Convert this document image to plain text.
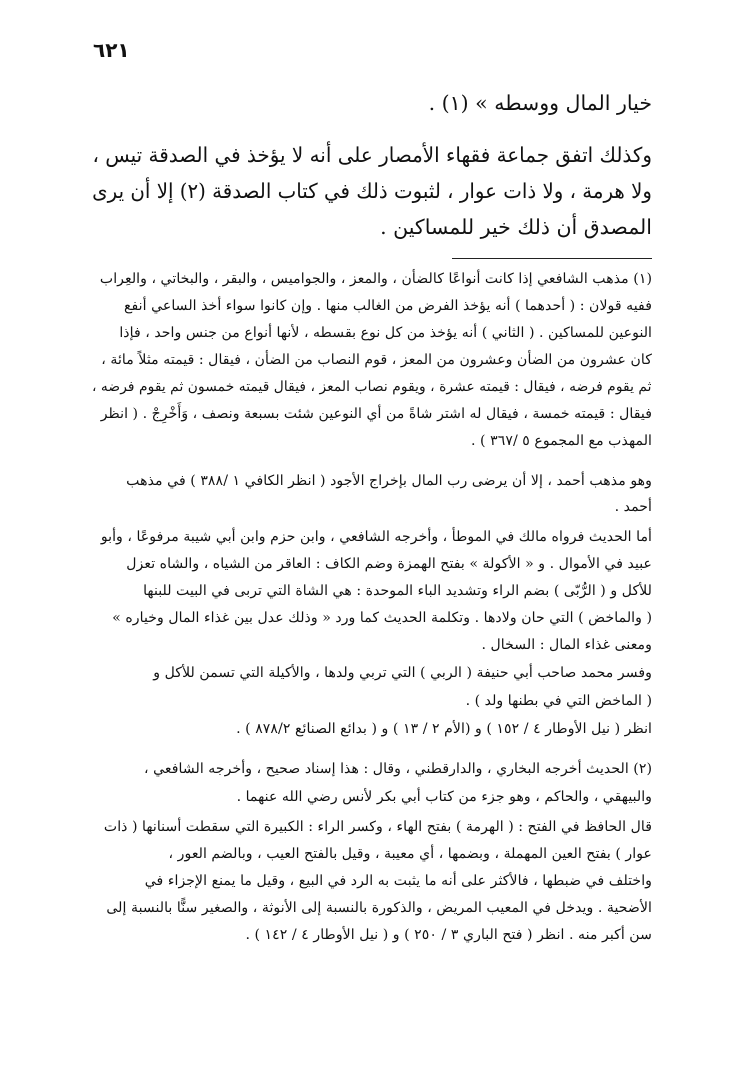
٦٢١
خيار المال ووسطه » (١) .
وكذلك اتفق جماعة فقهاء الأمصار على أنه لا يؤخذ في الصدقة تيس ،
ولا هرمة ، ولا ذات عوار ، لثبوت ذلك في كتاب الصدقة (٢) إلا أن يرى
المصدق أن ذلك خير للمساكين .
(١) مذهب الشافعي إذا كانت أنواعًا كالضأن ، والمعز ، والجواميس ، والبقر ، والبخاتي ، والعِراب
ففيه قولان : ( أحدهما ) أنه يؤخذ الفرض من الغالب منها . وإن كانوا سواء أخذ الساعي أنفع
النوعين للمساكين . ( الثاني ) أنه يؤخذ من كل نوع بقسطه ، لأنها أنواع من جنس واحد ، فإذا
كان عشرون من الضأن وعشرون من المعز ، قوم النصاب من الضأن ، فيقال : قيمته مثلاً مائة ،
ثم يقوم فرضه ، فيقال : قيمته عشرة ، ويقوم نصاب المعز ، فيقال قيمته خمسون ثم يقوم فرضه ،
فيقال : قيمته خمسة ، فيقال له اشتر شاةً من أي النوعين شئت بسبعة ونصف ، وَأَخْرِجْ . ( انظر
المهذب مع المجموع ٥ /٣٦٧ ) .
وهو مذهب أحمد ، إلا أن يرضى رب المال بإخراج الأجود ( انظر الكافي ١ /٣٨٨ ) في مذهب
أحمد .
أما الحديث فرواه مالك في الموطأ ، وأخرجه الشافعي ، وابن حزم وابن أبي شيبة مرفوعًا ، وأبو
عبيد في الأموال . و « الأكولة » بفتح الهمزة وضم الكاف : العاقر من الشياه ، والشاه تعزل
للأكل و ( الرُّبّى ) بضم الراء وتشديد الباء الموحدة : هي الشاة التي تربى في البيت للبنها
( والماخض ) التي حان ولادها . وتكلمة الحديث كما ورد « وذلك عدل بين غذاء المال وخياره »
ومعنى غذاء المال : السخال .
وفسر محمد صاحب أبي حنيفة ( الربي ) التي تربي ولدها ، والأكيلة التي تسمن للأكل و
( الماخض التي في بطنها ولد ) .
انظر ( نيل الأوطار ٤ / ١٥٢ ) و (الأم ٢ / ١٣ ) و ( بدائع الصنائع ٨٧٨/٢ ) .
(٢) الحديث أخرجه البخاري ، والدارقطني ، وقال : هذا إسناد صحيح ، وأخرجه الشافعي ،
والبيهقي ، والحاكم ، وهو جزء من كتاب أبي بكر لأنس رضي الله عنهما .
قال الحافظ في الفتح : ( الهرمة ) بفتح الهاء ، وكسر الراء : الكبيرة التي سقطت أسنانها ( ذات
عوار ) بفتح العين المهملة ، وبضمها ، أي معيبة ، وقيل بالفتح العيب ، وبالضم العور ،
واختلف في ضبطها ، فالأكثر على أنه ما يثبت به الرد في البيع ، وقيل ما يمنع الإجزاء في
الأضحية . ويدخل في المعيب المريض ، والذكورة بالنسبة إلى الأنوثة ، والصغير سنًّا بالنسبة إلى
سن أكبر منه . انظر ( فتح الباري ٣ / ٢٥٠ ) و ( نيل الأوطار ٤ / ١٤٢ ) .
